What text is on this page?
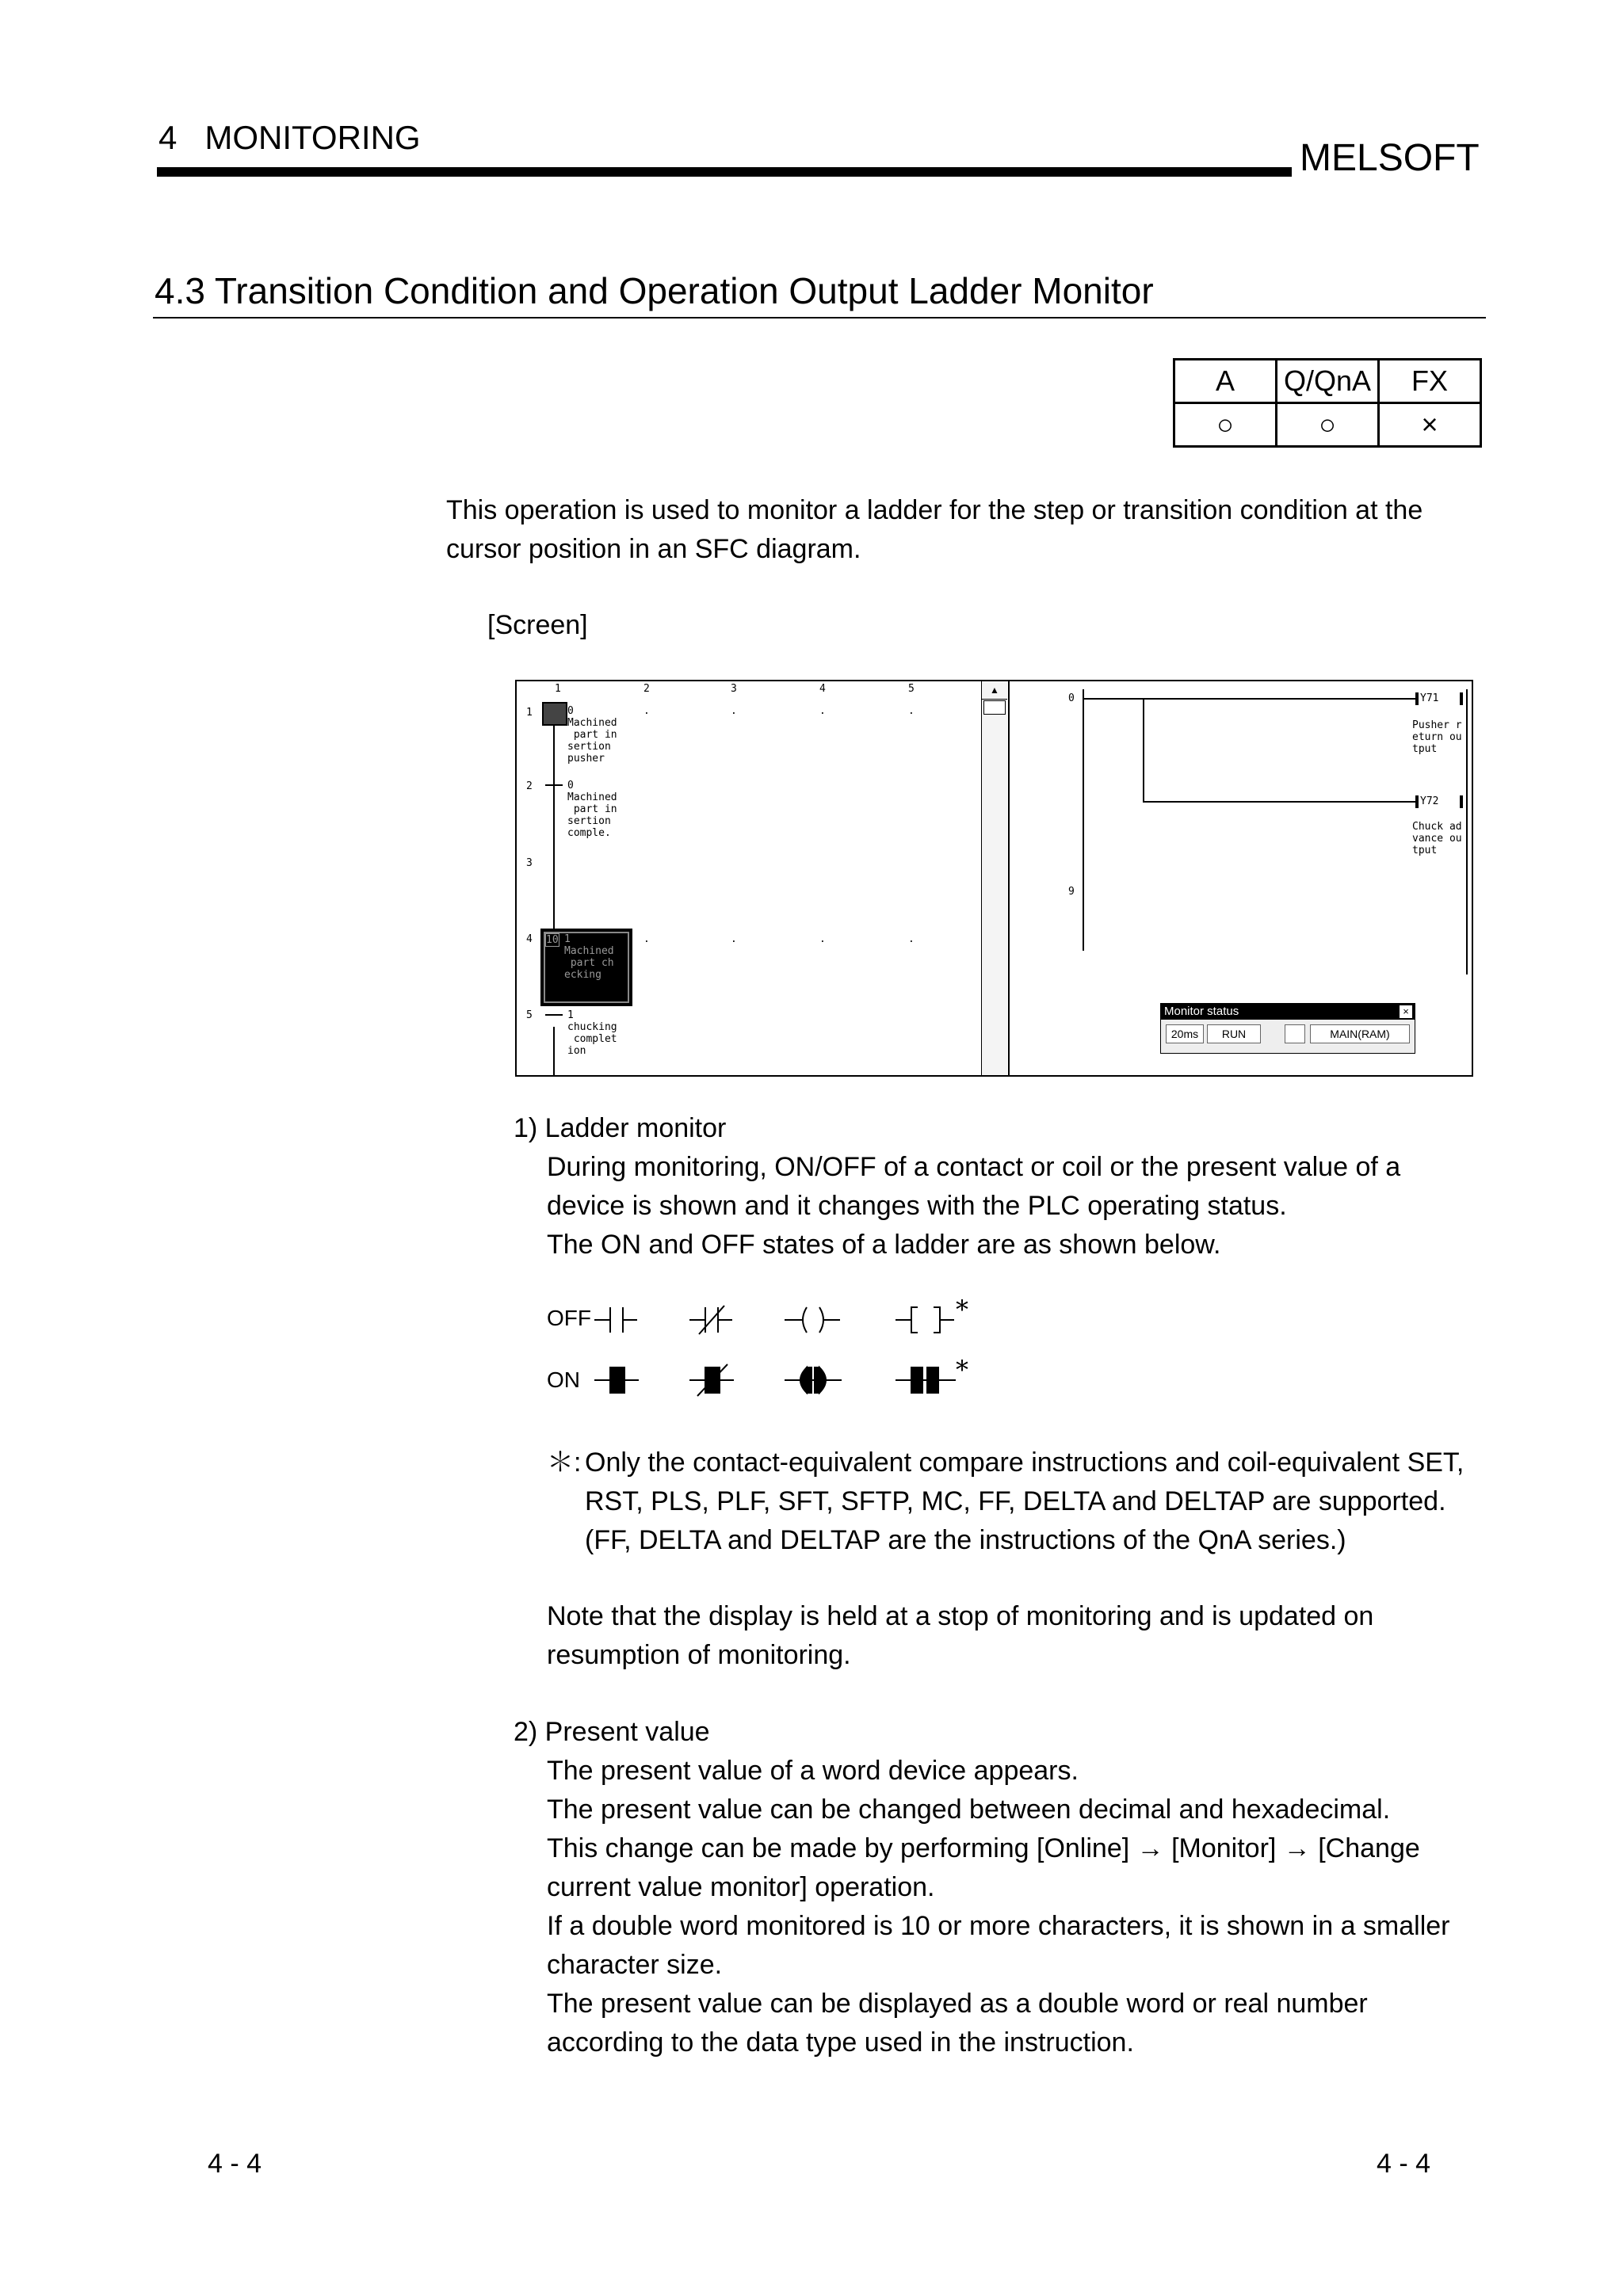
4   MONITORING	MELSOFT
4.3 Transition Condition and Operation Output Ladder Monitor
A	Q/QnA	FX
○	○	×
This operation is used to monitor a ladder for the step or transition condition at the cursor position in an SFC diagram.
[Screen]
1	2	3	4	5	▲
1
2
3
4
5
0
Machined
part in
sertion
pusher
0
Machined
part in
sertion
comple.
.	.	.	.
10 1
Machined
part ch
ecking
.	.	.	.
1
chucking
complet
ion
0
9
Y71
Pusher r
eturn ou
tput
Y72
Chuck ad
vance ou
tput
Monitor status	×
20ms	RUN	MAIN(RAM)
1) Ladder monitor
During monitoring, ON/OFF of a contact or coil or the present value of a
device is shown and it changes with the PLC operating status.
The ON and OFF states of a ladder are as shown below.
OFF
ON
*
*
＊: Only the contact-equivalent compare instructions and coil-equivalent SET,
RST, PLS, PLF, SFT, SFTP, MC, FF, DELTA and DELTAP are supported.
(FF, DELTA and DELTAP are the instructions of the QnA series.)
Note that the display is held at a stop of monitoring and is updated on
resumption of monitoring.
2) Present value
The present value of a word device appears.
The present value can be changed between decimal and hexadecimal.
This change can be made by performing [Online] → [Monitor] → [Change
current value monitor] operation.
If a double word monitored is 10 or more characters, it is shown in a smaller
character size.
The present value can be displayed as a double word or real number
according to the data type used in the instruction.
4 - 4	4 - 4
